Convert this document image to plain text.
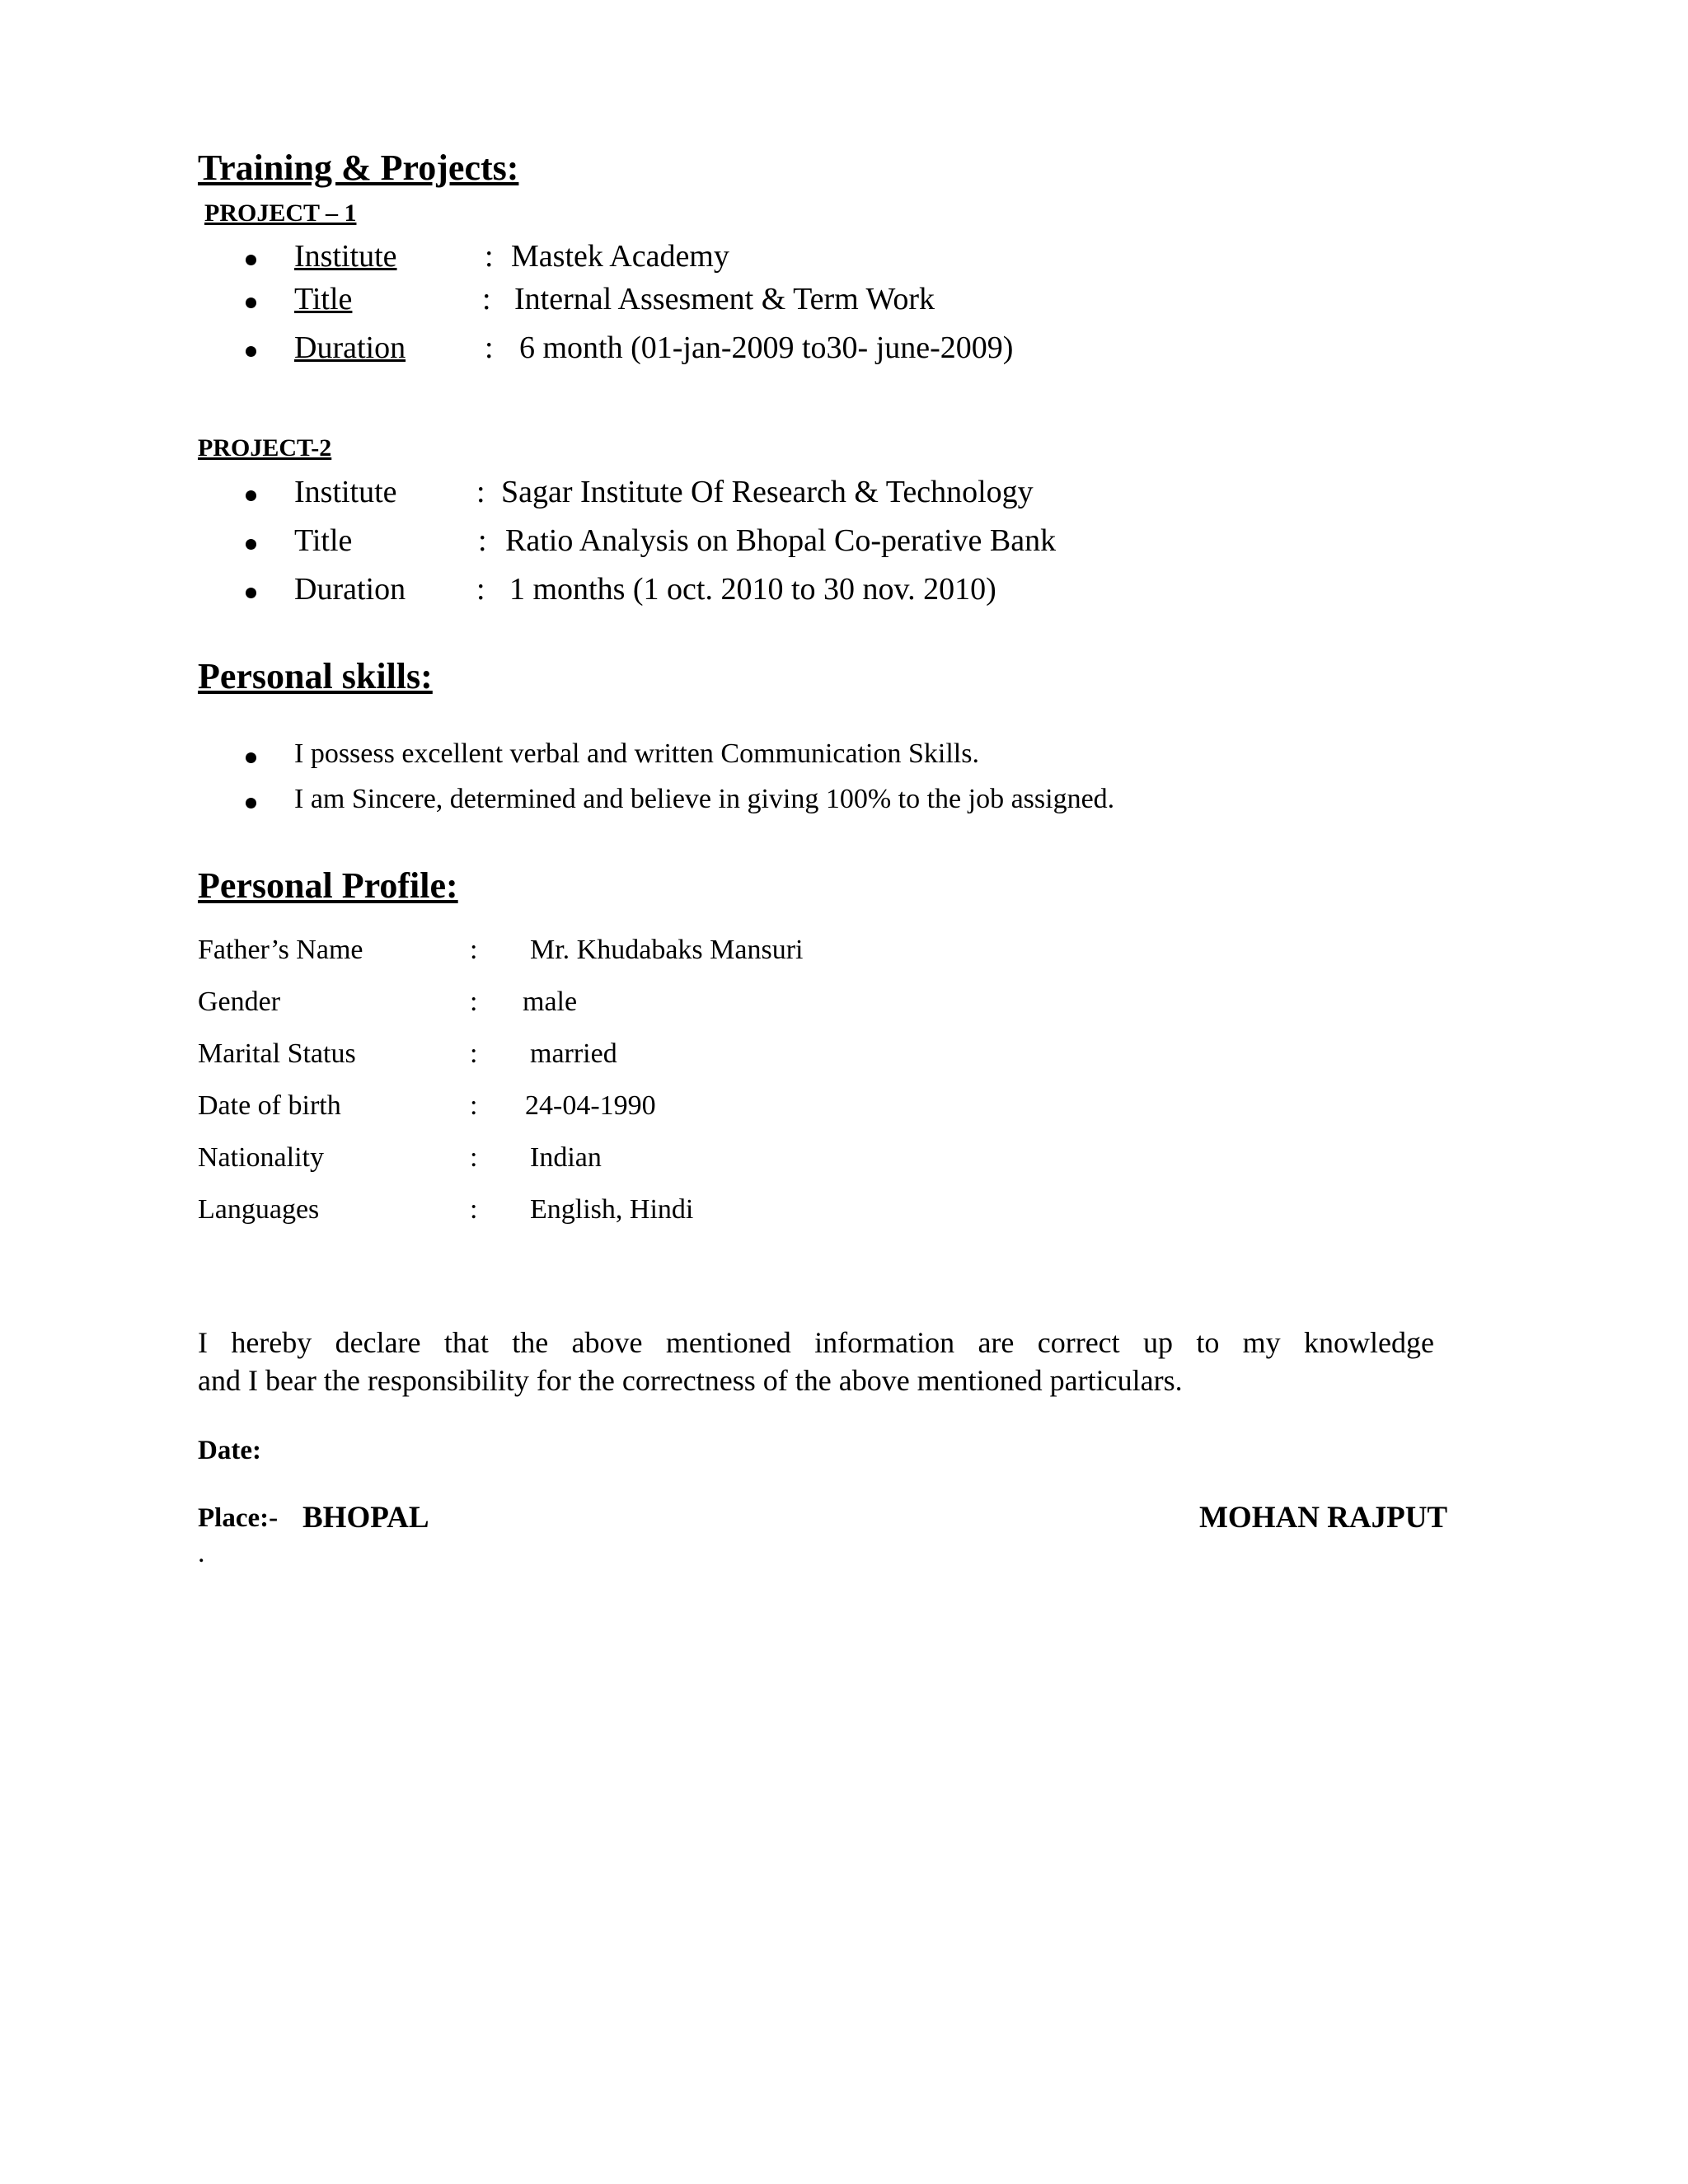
Training & Projects:
PROJECT – 1
Institute	: Mastek Academy
Title	: Internal Assesment & Term Work
Duration	: 6 month (01-jan-2009 to30- june-2009)
PROJECT-2
Institute	: Sagar Institute Of Research & Technology
Title	: Ratio Analysis on Bhopal Co-perative Bank
Duration : 1 months (1 oct. 2010 to 30 nov. 2010)
Personal skills:
I possess excellent verbal and written Communication Skills.
I am Sincere, determined and believe in giving 100% to the job assigned.
Personal Profile:
Father’s Name	: Mr. Khudabaks Mansuri
Gender	: male
Marital Status	: married
Date of birth	: 24-04-1990
Nationality	: Indian
Languages	: English, Hindi
I hereby declare that the above mentioned information are correct up to my knowledge
and I bear the responsibility for the correctness of the above mentioned particulars.
Date:
Place:- BHOPAL	MOHAN RAJPUT
.
